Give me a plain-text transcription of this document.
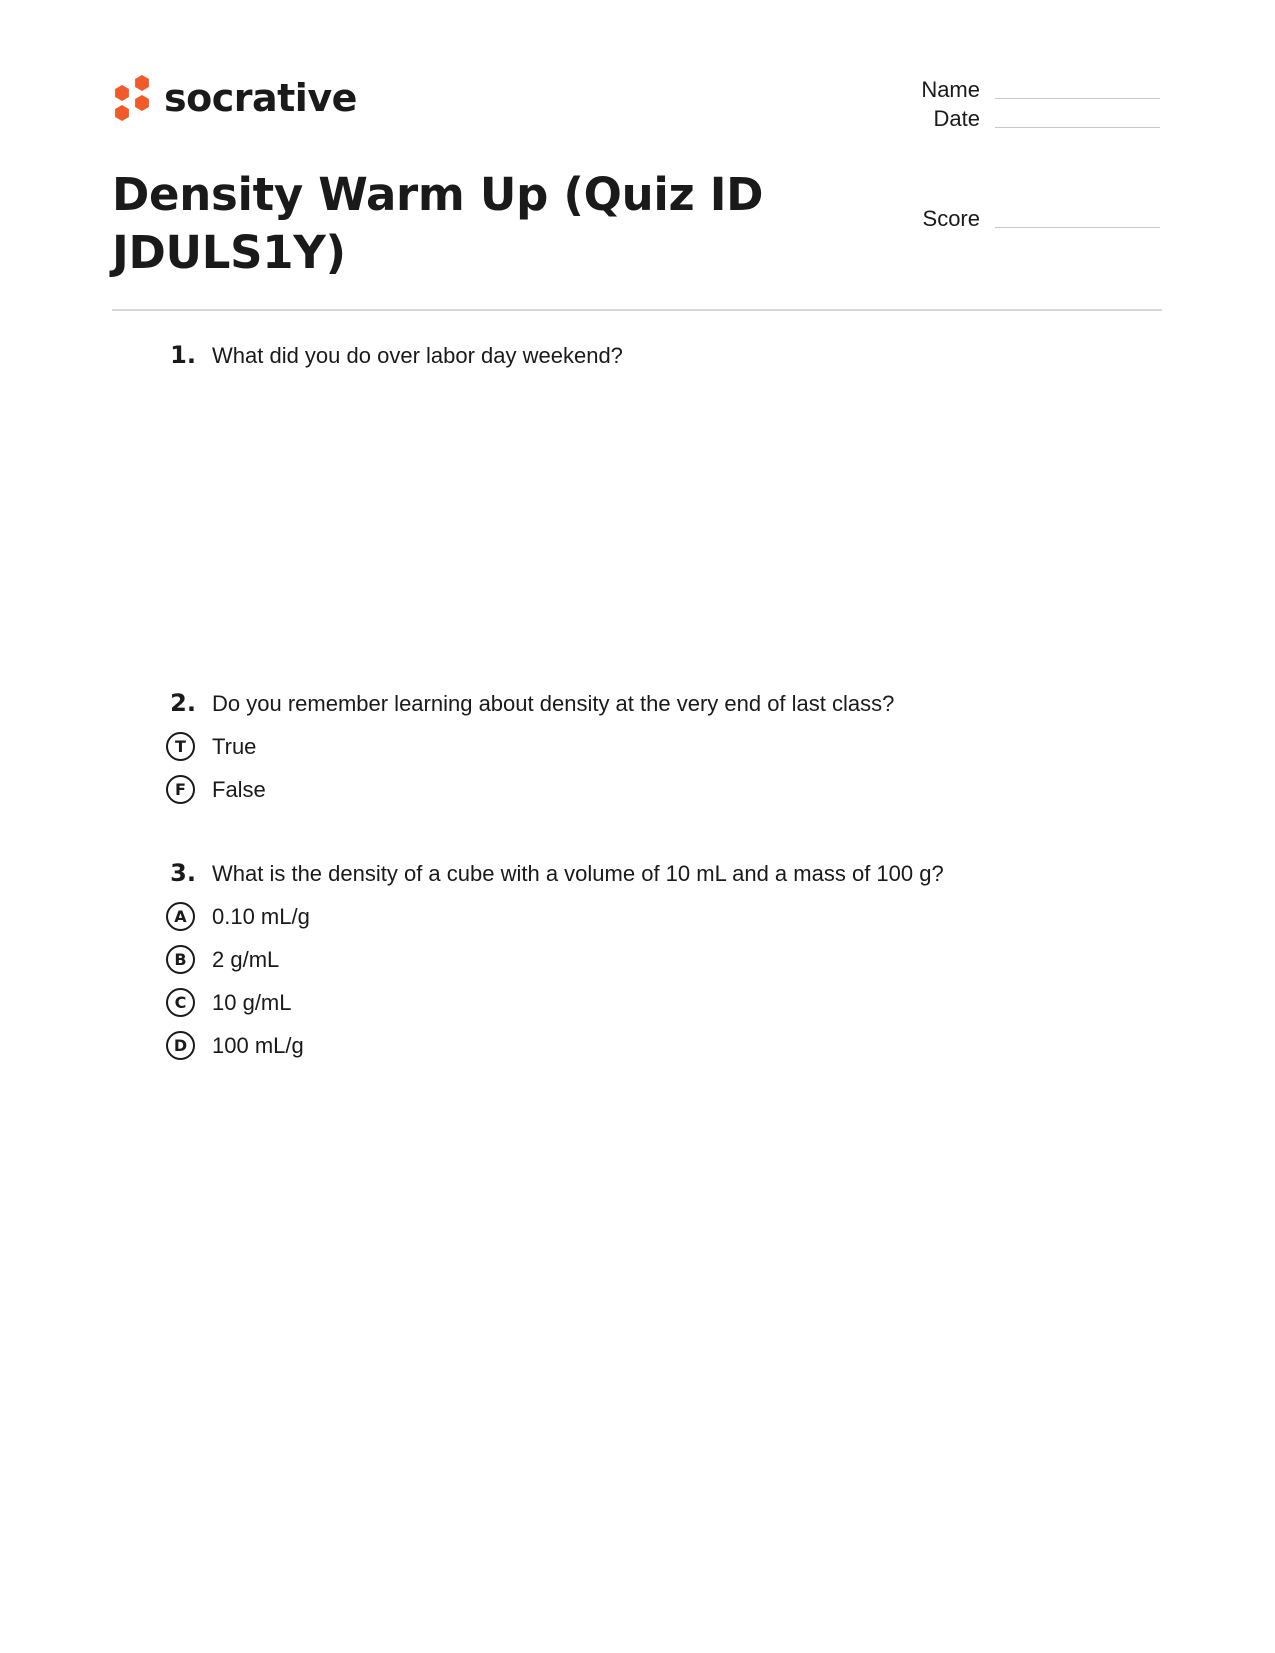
socrative	Name
Date
Score
Density Warm Up (Quiz ID JDULS1Y)
1. What did you do over labor day weekend?
2. Do you remember learning about density at the very end of last class?
T	True
F	False
3. What is the density of a cube with a volume of 10 mL and a mass of 100 g?
A	0.10 mL/g
B	2 g/mL
C	10 g/mL
D	100 mL/g
